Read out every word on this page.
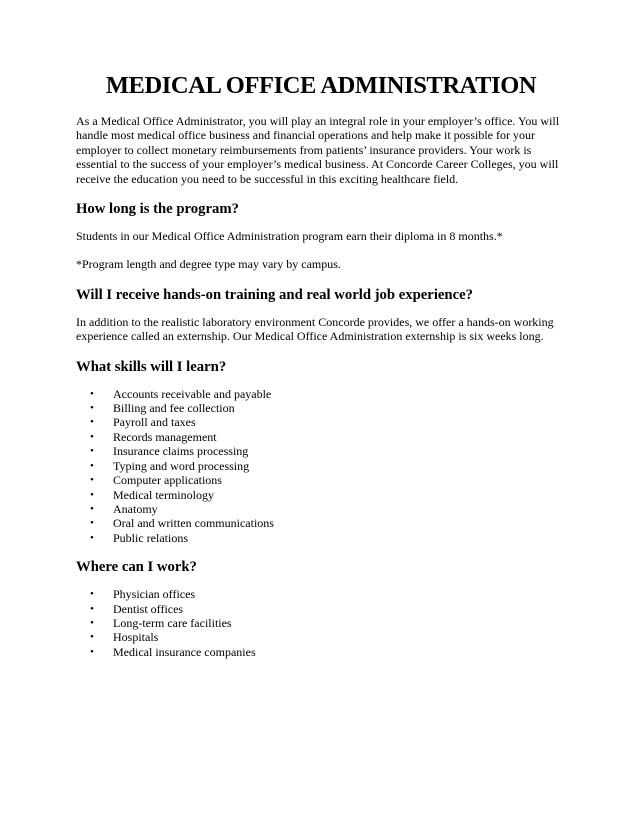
MEDICAL OFFICE ADMINISTRATION

As a Medical Office Administrator, you will play an integral role in your employer’s office. You will handle most medical office business and financial operations and help make it possible for your employer to collect monetary reimbursements from patients’ insurance providers. Your work is essential to the success of your employer’s medical business. At Concorde Career Colleges, you will receive the education you need to be successful in this exciting healthcare field.

How long is the program?

Students in our Medical Office Administration program earn their diploma in 8 months.*

*Program length and degree type may vary by campus.

Will I receive hands-on training and real world job experience?

In addition to the realistic laboratory environment Concorde provides, we offer a hands-on working experience called an externship. Our Medical Office Administration externship is six weeks long.

What skills will I learn?
• Accounts receivable and payable
• Billing and fee collection
• Payroll and taxes
• Records management
• Insurance claims processing
• Typing and word processing
• Computer applications
• Medical terminology
• Anatomy
• Oral and written communications
• Public relations
Where can I work?
• Physician offices
• Dentist offices
• Long-term care facilities
• Hospitals
• Medical insurance companies
